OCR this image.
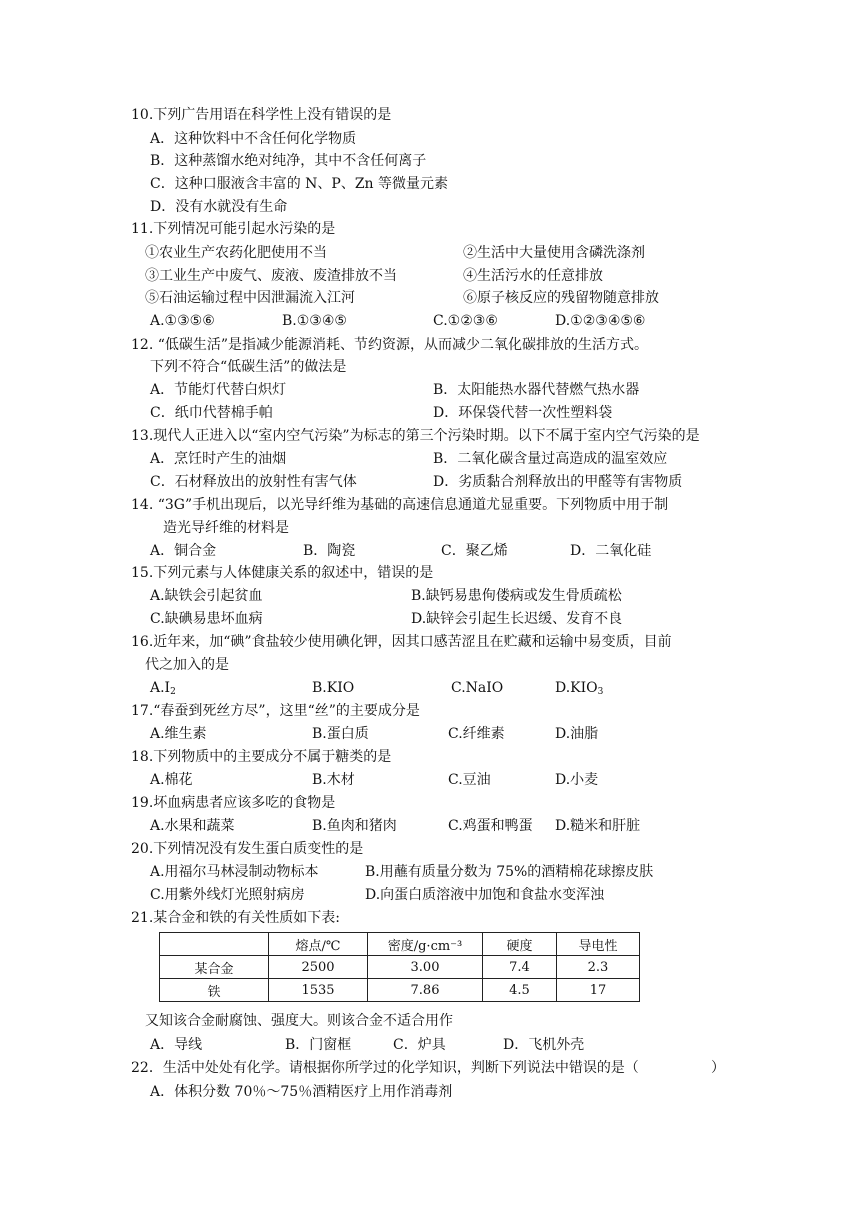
10.下列广告用语在科学性上没有错误的是
A．这种饮料中不含任何化学物质
B．这种蒸馏水绝对纯净，其中不含任何离子
C．这种口服液含丰富的 N、P、Zn 等微量元素
D．没有水就没有生命
11.下列情况可能引起水污染的是
①农业生产农药化肥使用不当	②生活中大量使用含磷洗涤剂
③工业生产中废气、废液、废渣排放不当	④生活污水的任意排放
⑤石油运输过程中因泄漏流入江河	⑥原子核反应的残留物随意排放
A.①③⑤⑥	B.①③④⑤	C.①②③⑥	D.①②③④⑤⑥
12. “低碳生活”是指减少能源消耗、节约资源，从而减少二氧化碳排放的生活方式。
下列不符合“低碳生活”的做法是
A．节能灯代替白炽灯	B．太阳能热水器代替燃气热水器
C．纸巾代替棉手帕	D．环保袋代替一次性塑料袋
13.现代人正进入以“室内空气污染”为标志的第三个污染时期。以下不属于室内空气污染的是
A．烹饪时产生的油烟	B．二氧化碳含量过高造成的温室效应
C．石材释放出的放射性有害气体	D．劣质黏合剂释放出的甲醛等有害物质
14. “3G”手机出现后，以光导纤维为基础的高速信息通道尤显重要。下列物质中用于制
造光导纤维的材料是
A．铜合金	B．陶瓷	C．聚乙烯	D．二氧化硅
15.下列元素与人体健康关系的叙述中，错误的是
A.缺铁会引起贫血	B.缺钙易患佝偻病或发生骨质疏松
C.缺碘易患坏血病	D.缺锌会引起生长迟缓、发育不良
16.近年来，加“碘”食盐较少使用碘化钾，因其口感苦涩且在贮藏和运输中易变质，目前
代之加入的是
$A.I_2$	B.KIO	C.NaIO	$D.KIO_3$
17.“春蚕到死丝方尽”，这里“丝”的主要成分是
A.维生素	B.蛋白质	C.纤维素	D.油脂
18.下列物质中的主要成分不属于糖类的是
A.棉花	B.木材	C.豆油	D.小麦
19.坏血病患者应该多吃的食物是
A.水果和蔬菜	B.鱼肉和猪肉	C.鸡蛋和鸭蛋 D.糙米和肝脏
20.下列情况没有发生蛋白质变性的是
A.用福尔马林浸制动物标本	B.用蘸有质量分数为 75%的酒精棉花球擦皮肤
C.用紫外线灯光照射病房	D.向蛋白质溶液中加饱和食盐水变浑浊
21.某合金和铁的有关性质如下表:
	熔点/℃	密度/g·cm⁻³	硬度	导电性
某合金	2500	3.00	7.4	2.3
铁	1535	7.86	4.5	17
又知该合金耐腐蚀、强度大。则该合金不适合用作
A．导线	B．门窗框	C．炉具	D．飞机外壳
22．生活中处处有化学。请根据你所学过的化学知识，判断下列说法中错误的是（	）
A．体积分数 70％～75％酒精医疗上用作消毒剂
